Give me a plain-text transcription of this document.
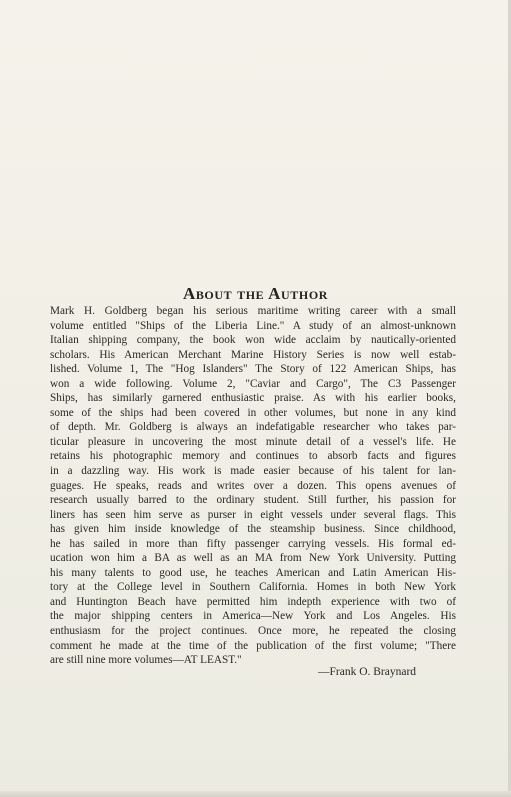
About the Author

Mark H. Goldberg began his serious maritime writing career with a small
volume entitled "Ships of the Liberia Line." A study of an almost-unknown
Italian shipping company, the book won wide acclaim by nautically-oriented
scholars. His American Merchant Marine History Series is now well estab-
lished. Volume 1, The "Hog Islanders" The Story of 122 American Ships, has
won a wide following. Volume 2, "Caviar and Cargo", The C3 Passenger
Ships, has similarly garnered enthusiastic praise. As with his earlier books,
some of the ships had been covered in other volumes, but none in any kind
of depth. Mr. Goldberg is always an indefatigable researcher who takes par-
ticular pleasure in uncovering the most minute detail of a vessel's life. He
retains his photographic memory and continues to absorb facts and figures
in a dazzling way. His work is made easier because of his talent for lan-
guages. He speaks, reads and writes over a dozen. This opens avenues of
research usually barred to the ordinary student. Still further, his passion for
liners has seen him serve as purser in eight vessels under several flags. This
has given him inside knowledge of the steamship business. Since childhood,
he has sailed in more than fifty passenger carrying vessels. His formal ed-
ucation won him a BA as well as an MA from New York University. Putting
his many talents to good use, he teaches American and Latin American His-
tory at the College level in Southern California. Homes in both New York
and Huntington Beach have permitted him indepth experience with two of
the major shipping centers in America—New York and Los Angeles. His
enthusiasm for the project continues. Once more, he repeated the closing
comment he made at the time of the publication of the first volume; "There
are still nine more volumes—AT LEAST."

—Frank O. Braynard
